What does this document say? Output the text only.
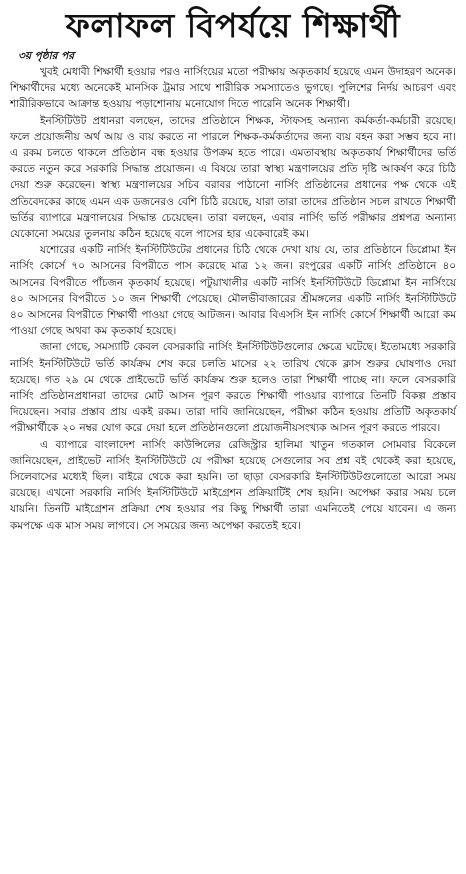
ফলাফল বিপর্যয়ে শিক্ষার্থী
৩য় পৃষ্ঠার পর

খুবই মেধাবী শিক্ষার্থী হওয়ার পরও নার্সিংয়ের মতো পরীক্ষায় অকৃতকার্য হয়েছে এমন উদাহরণ অনেক। শিক্ষার্থীদের মধ্যে অনেকেই মানসিক ট্রমার সাথে শারীরিক সমস্যাতেও ভুগছে। পুলিশের নির্দয় আচরণ এবং শারীরিকভাবে আক্রান্ত হওয়ায় পড়াশোনায় মনোযোগ দিতে পারেনি অনেক শিক্ষার্থী।

ইনস্টিটিউট প্রধানরা বলছেন, তাদের প্রতিষ্ঠানে শিক্ষক, স্টাফসহ অন্যান্য কর্মকর্তা-কর্মচারী রয়েছে। ফলে প্রয়োজনীয় অর্থ আয় ও ব্যয় করতে না পারলে শিক্ষক-কর্মকর্তাদের জন্য ব্যয় বহন করা সম্ভব হবে না। এ রকম চলতে থাকলে প্রতিষ্ঠান বন্ধ হওয়ার উপক্রম হতে পারে। এমতাবস্থায় অকৃতকার্য শিক্ষার্থীদের ভর্তি করতে নতুন করে সরকারি সিদ্ধান্ত প্রয়োজন। এ বিষয়ে তারা স্বাস্থ্য মন্ত্রণালয়ের প্রতি দৃষ্টি আকর্ষণ করে চিঠি দেয়া শুরু করেছেন। স্বাস্থ্য মন্ত্রণালয়ের সচিব বরাবর পাঠানো নার্সিং প্রতিষ্ঠানের প্রধানের পক্ষ থেকে এই প্রতিবেদকের কাছে এমন এক ডজনেরও বেশি চিঠি রয়েছে, যারা তারা তাদের প্রতিষ্ঠান সচল রাখতে শিক্ষার্থী ভর্তির ব্যাপারে মন্ত্রণালয়ের সিদ্ধান্ত চেয়েছেন। তারা বলছেন, এবার নার্সিং ভর্তি পরীক্ষার প্রশ্নপত্র অন্যান্য যেকোনো সময়ের তুলনায় কঠিন হয়েছে বলে পাসের হার একেবারেই কম।

যশোরের একটি নার্সিং ইনস্টিটিউটের প্রধানের চিঠি থেকে দেখা যায় যে, তার প্রতিষ্ঠানে ডিপ্লোমা ইন নার্সিং কোর্সে ৭০ আসনের বিপরীতে পাস করেছে মাত্র ১২ জন। রংপুরের একটি নার্সিং প্রতিষ্ঠানে ৪০ আসনের বিপরীতে পাঁচজন কৃতকার্য হয়েছে। পটুয়াখালীর একটি নার্সিং ইনস্টিটিউটে ডিপ্লোমা ইন নার্সিংয়ে ৪০ আসনের বিপরীতে ১০ জন শিক্ষার্থী পেয়েছে। মৌলভীবাজারের শ্রীমঙ্গলের একটি নার্সিং ইনস্টিটিউটে ৪০ আসনের বিপরীতে শিক্ষার্থী পাওয়া গেছে আটজন। আবার বিএসসি ইন নার্সিং কোর্সে শিক্ষার্থী আরো কম পাওয়া গেছে অথবা কম কৃতকার্য হয়েছে।

জানা গেছে, সমস্যাটি কেবল বেসরকারি নার্সিং ইনস্টিটিউটগুলোর ক্ষেত্রে ঘটেছে। ইতোমধ্যে সরকারি নার্সিং ইনস্টিটিউটে ভর্তি কার্যক্রম শেষ করে চলতি মাসের ২২ তারিখ থেকে ক্লাস শুরুর ঘোষণাও দেয়া হয়েছে। গত ২৯ মে থেকে প্রাইভেটে ভর্তি কার্যক্রম শুরু হলেও তারা শিক্ষার্থী পাচ্ছে না। ফলে বেসরকারি নার্সিং প্রতিষ্ঠানপ্রধানরা তাদের মোট আসন পূরণ করতে শিক্ষার্থী পাওয়ার ব্যাপারে তিনটি বিকল্প প্রস্তাব দিয়েছেন। সবার প্রস্তাব প্রায় একই রকম। তারা দাবি জানিয়েছেন, পরীক্ষা কঠিন হওয়ায় প্রতিটি অকৃতকার্য পরীক্ষার্থীকে ২০ নম্বর যোগ করে দেয়া হলে প্রতিষ্ঠানগুলো প্রয়োজনীয়সংখ্যক আসন পূরণ করতে পারবে।

এ ব্যাপারে বাংলাদেশ নার্সিং কাউন্সিলের রেজিস্ট্রার হালিমা খাতুন গতকাল সোমবার বিকেলে জানিয়েছেন, প্রাইভেট নার্সিং ইনস্টিটিউটে যে পরীক্ষা হয়েছে সেগুলোর সব প্রশ্ন বই থেকেই করা হয়েছে, সিলেবাসের মধ্যেই ছিল। বাইরে থেকে করা হয়নি। তা ছাড়া বেসরকারি ইনস্টিটিউটগুলোতো আরো সময় রয়েছে। এখনো সরকারি নার্সিং ইনস্টিটিউটে মাইগ্রেশন প্রক্রিয়াটিই শেষ হয়নি। অপেক্ষা করার সময় চলে যায়নি। তিনটি মাইগ্রেশন প্রক্রিয়া শেষ হওয়ার পর কিছু শিক্ষার্থী তারা এমনিতেই পেয়ে যাবেন। এ জন্য কমপক্ষে এক মাস সময় লাগবে। সে সময়ের জন্য অপেক্ষা করতেই হবে।
